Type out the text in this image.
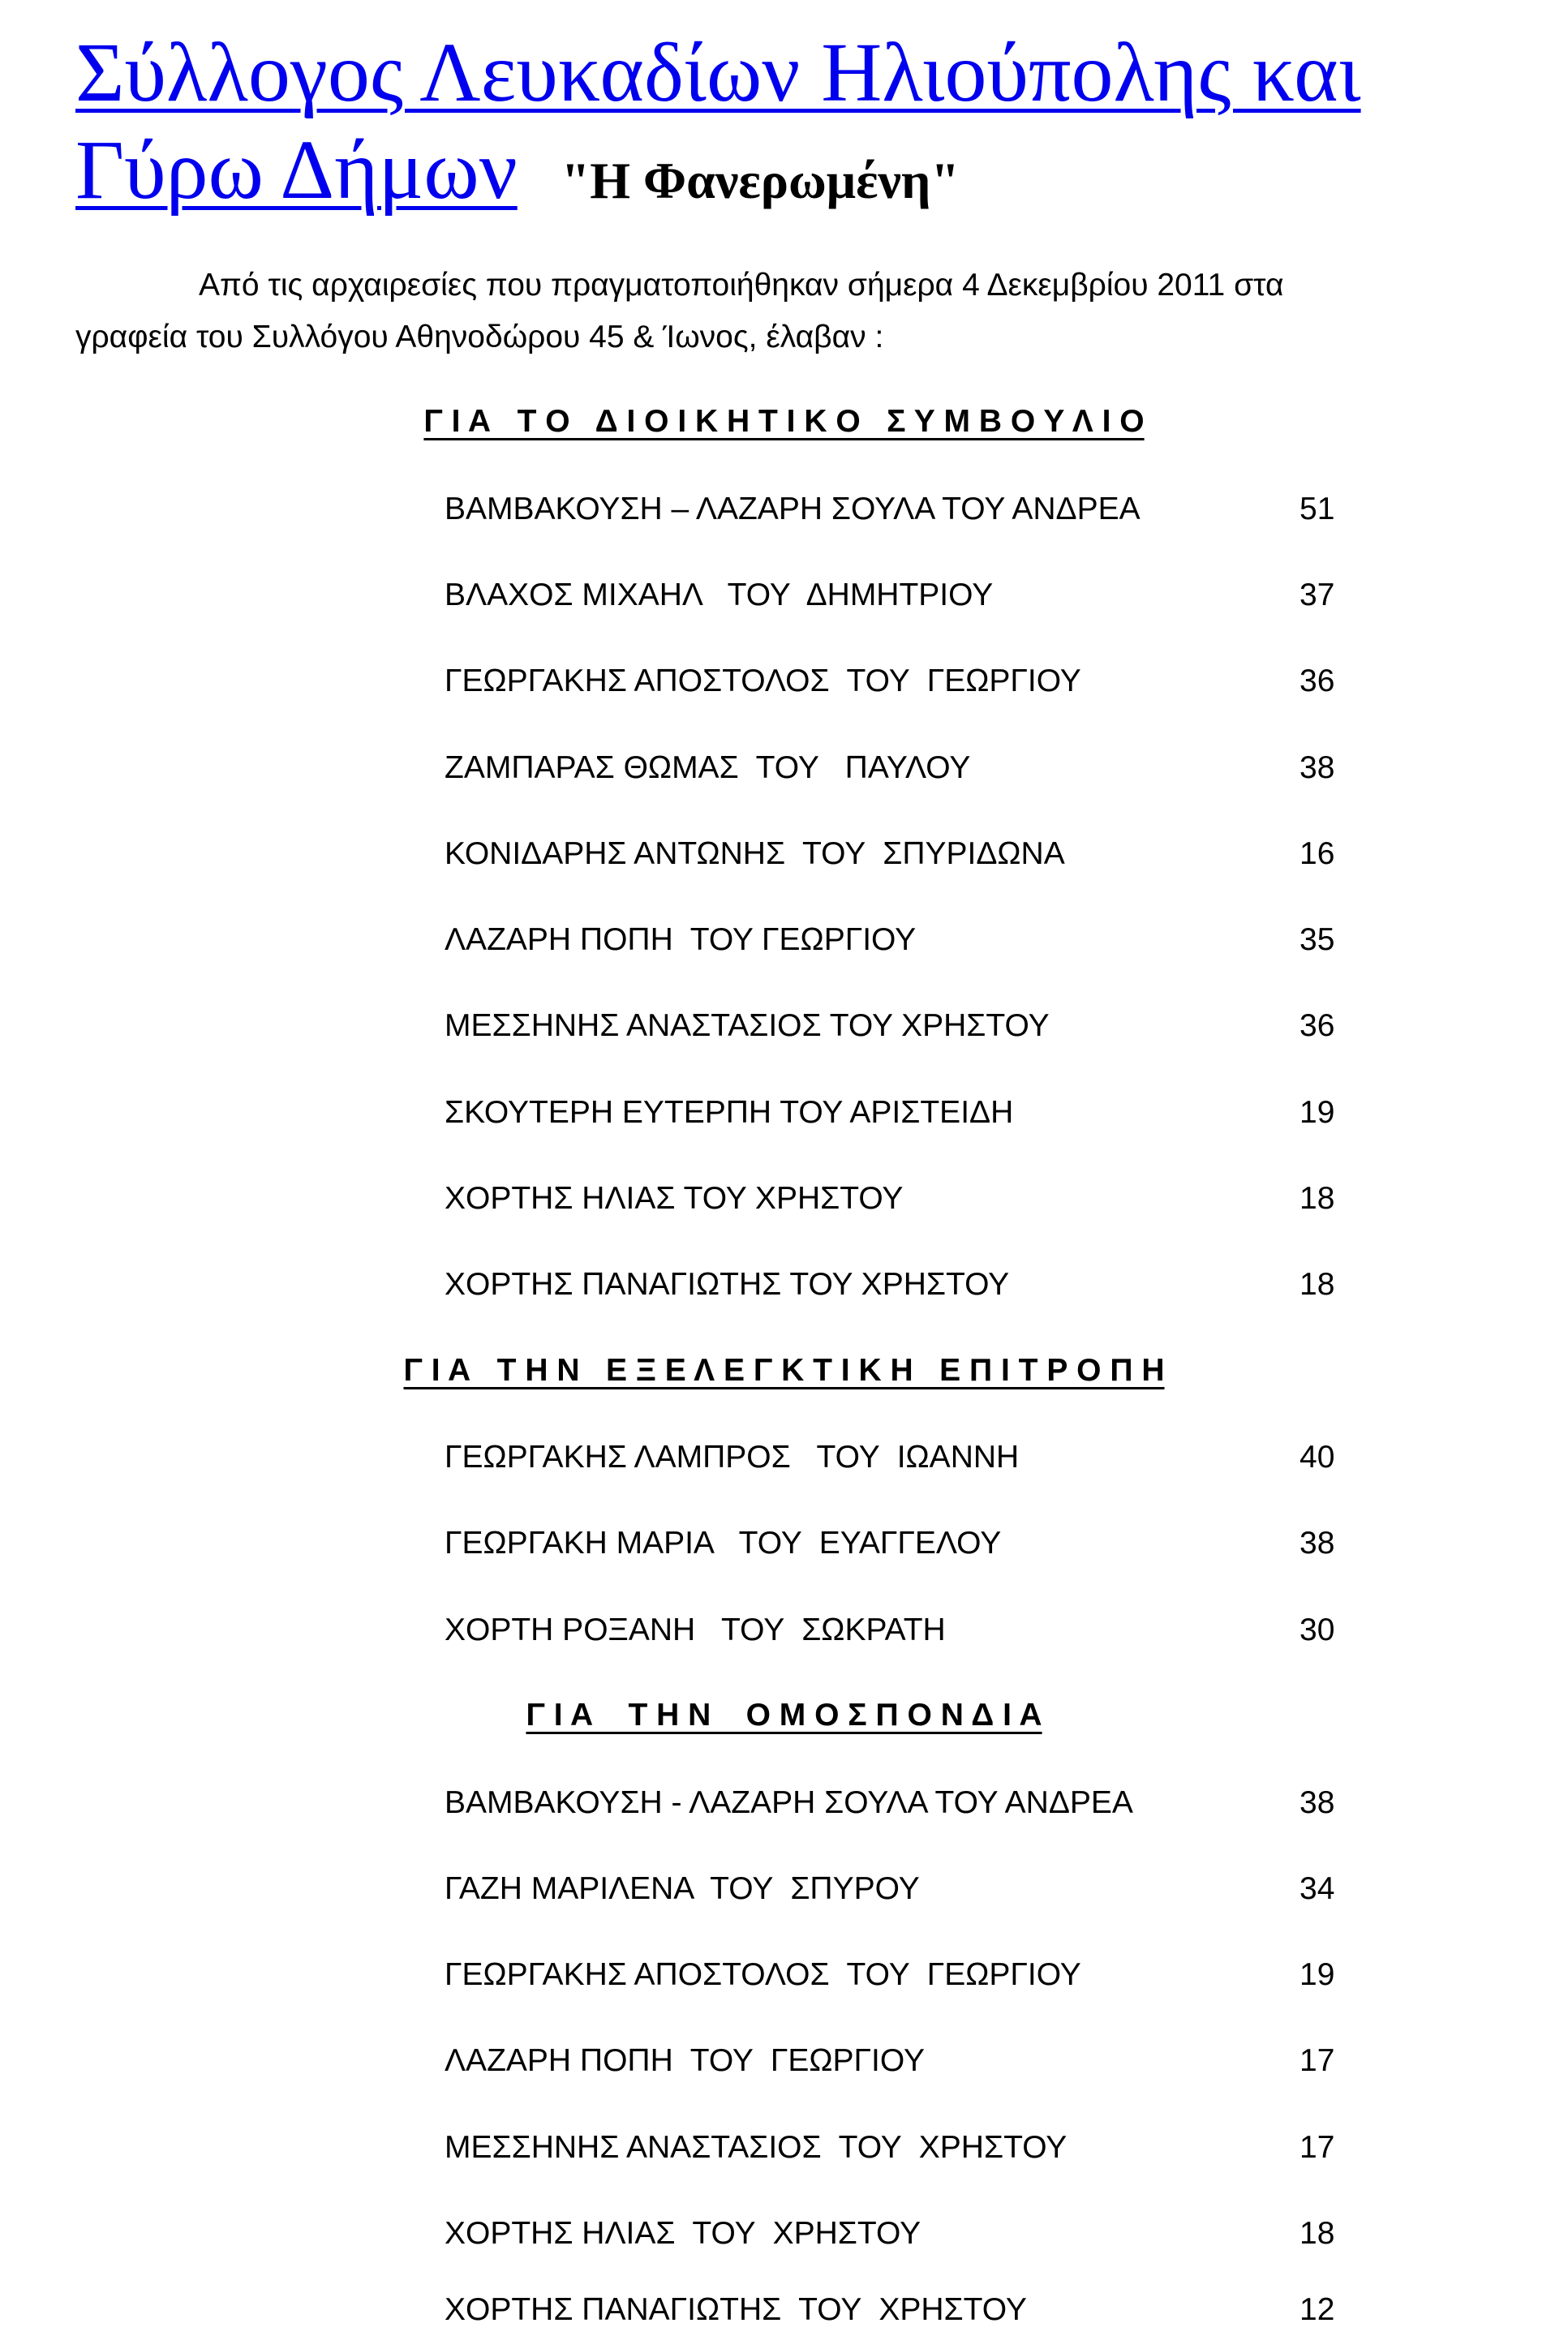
Σύλλογος Λευκαδίων Ηλιούπολης και
Γύρω Δήμων "Η Φανερωμένη"
Από τις αρχαιρεσίες που πραγματοποιήθηκαν σήμερα 4 Δεκεμβρίου 2011 στα
γραφεία του Συλλόγου Αθηνοδώρου 45 & Ίωνος, έλαβαν :
Γ Ι Α   Τ Ο   Δ Ι Ο Ι Κ Η Τ Ι Κ Ο   Σ Υ Μ Β Ο Υ Λ Ι Ο
ΒΑΜΒΑΚΟΥΣΗ – ΛΑΖΑΡΗ ΣΟΥΛΑ ΤΟΥ ΑΝΔΡΕΑ	51
ΒΛΑΧΟΣ ΜΙΧΑΗΛ   ΤΟΥ  ΔΗΜΗΤΡΙΟΥ	37
ΓΕΩΡΓΑΚΗΣ ΑΠΟΣΤΟΛΟΣ  ΤΟΥ  ΓΕΩΡΓΙΟΥ	36
ΖΑΜΠΑΡΑΣ ΘΩΜΑΣ  ΤΟΥ   ΠΑΥΛΟΥ	38
ΚΟΝΙΔΑΡΗΣ ΑΝΤΩΝΗΣ  ΤΟΥ  ΣΠΥΡΙΔΩΝΑ	16
ΛΑΖΑΡΗ ΠΟΠΗ  ΤΟΥ ΓΕΩΡΓΙΟΥ	35
ΜΕΣΣΗΝΗΣ ΑΝΑΣΤΑΣΙΟΣ ΤΟΥ ΧΡΗΣΤΟΥ	36
ΣΚΟΥΤΕΡΗ ΕΥΤΕΡΠΗ ΤΟΥ ΑΡΙΣΤΕΙΔΗ	19
ΧΟΡΤΗΣ ΗΛΙΑΣ ΤΟΥ ΧΡΗΣΤΟΥ	18
ΧΟΡΤΗΣ ΠΑΝΑΓΙΩΤΗΣ ΤΟΥ ΧΡΗΣΤΟΥ	18
Γ Ι Α   Τ Η Ν   Ε Ξ Ε Λ Ε Γ Κ Τ Ι Κ Η   Ε Π Ι Τ Ρ Ο Π Η
ΓΕΩΡΓΑΚΗΣ ΛΑΜΠΡΟΣ   ΤΟΥ  ΙΩΑΝΝΗ	40
ΓΕΩΡΓΑΚΗ ΜΑΡΙΑ   ΤΟΥ  ΕΥΑΓΓΕΛΟΥ	38
ΧΟΡΤΗ ΡΟΞΑΝΗ   ΤΟΥ  ΣΩΚΡΑΤΗ	30
Γ Ι Α    Τ Η Ν    Ο Μ Ο Σ Π Ο Ν Δ Ι Α
ΒΑΜΒΑΚΟΥΣΗ - ΛΑΖΑΡΗ ΣΟΥΛΑ ΤΟΥ ΑΝΔΡΕΑ	38
ΓΑΖΗ ΜΑΡΙΛΕΝΑ  ΤΟΥ  ΣΠΥΡΟΥ	34
ΓΕΩΡΓΑΚΗΣ ΑΠΟΣΤΟΛΟΣ  ΤΟΥ  ΓΕΩΡΓΙΟΥ	19
ΛΑΖΑΡΗ ΠΟΠΗ  ΤΟΥ  ΓΕΩΡΓΙΟΥ	17
ΜΕΣΣΗΝΗΣ ΑΝΑΣΤΑΣΙΟΣ  ΤΟΥ  ΧΡΗΣΤΟΥ	17
ΧΟΡΤΗΣ ΗΛΙΑΣ  ΤΟΥ  ΧΡΗΣΤΟΥ	18
ΧΟΡΤΗΣ ΠΑΝΑΓΙΩΤΗΣ  ΤΟΥ  ΧΡΗΣΤΟΥ	12
